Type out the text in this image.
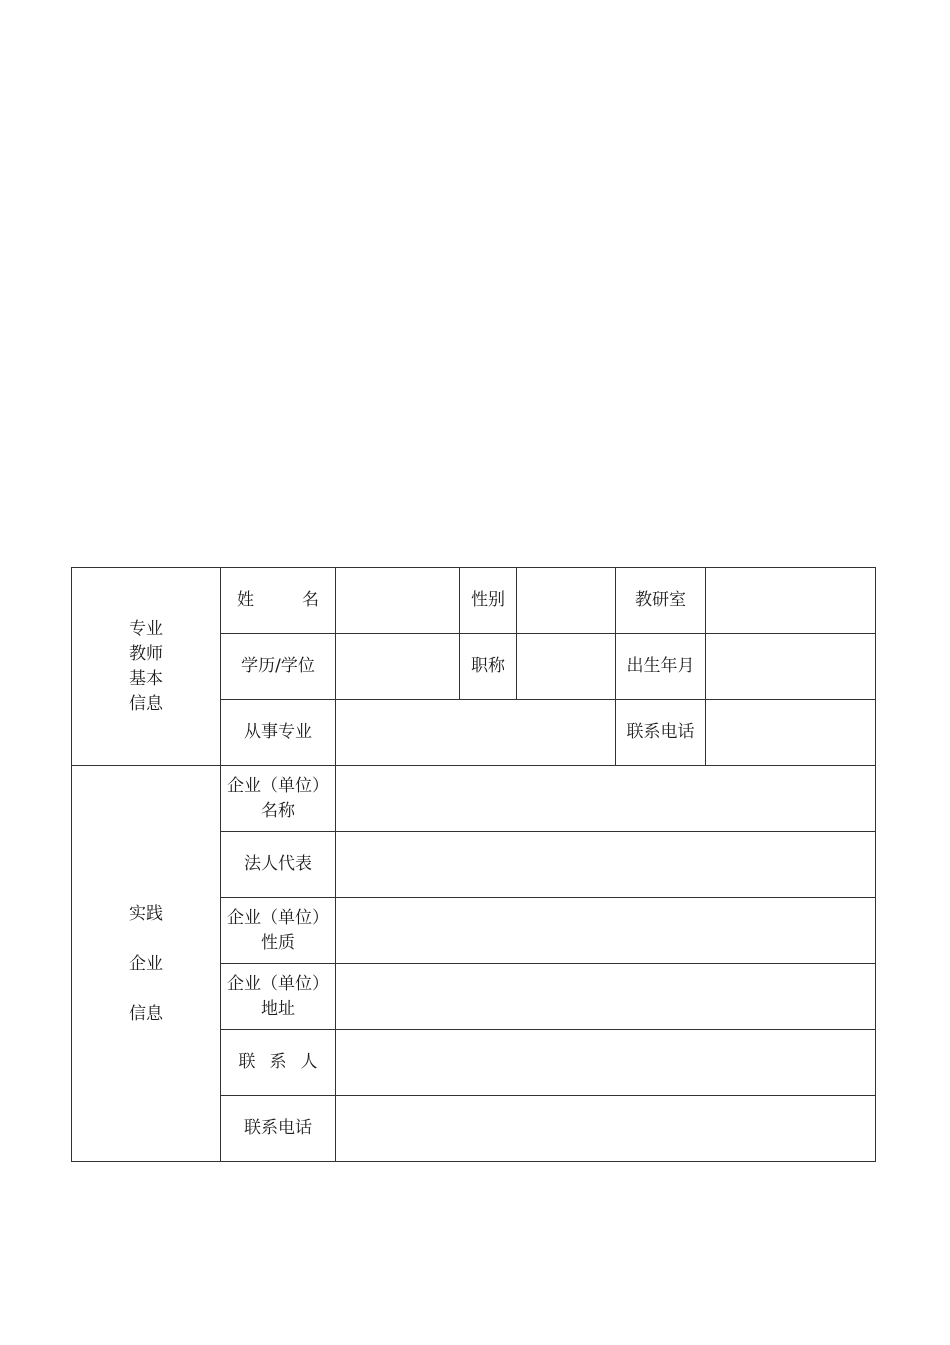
专业
教师
基本
信息	姓 名		性别		教研室	
	学历/学位		职称		出生年月	
	从事专业				联系电话	

实践
企业
信息	企业（单位）
名称					

	法人代表					

	企业（单位）
性质					

	企业（单位）
地址					

	联 系 人					
	联系电话					
